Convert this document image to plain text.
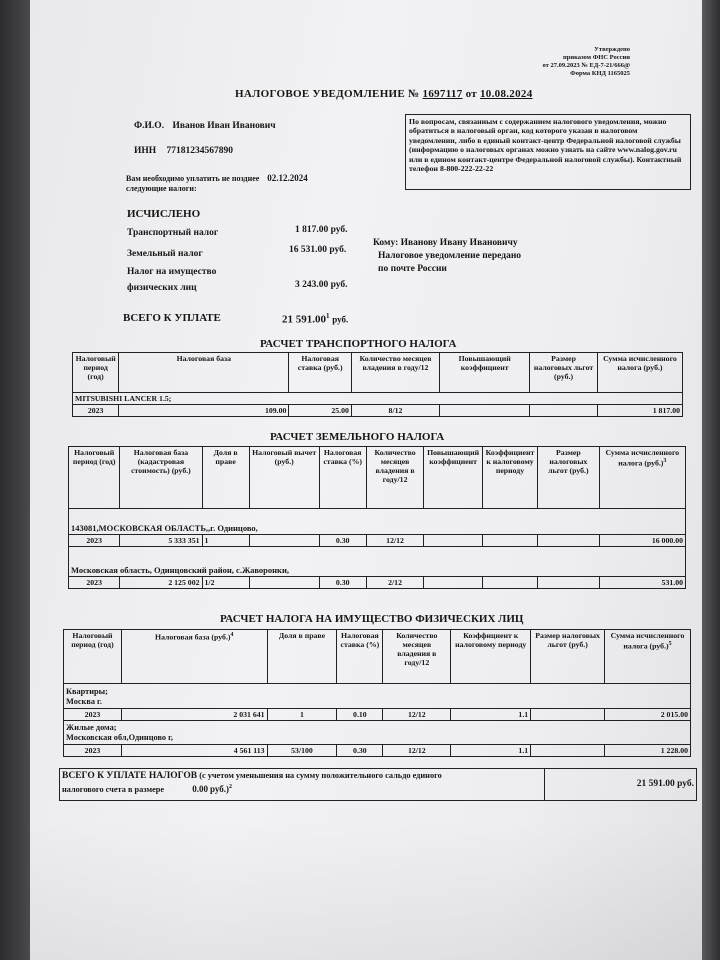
Утверждено
приказом ФНС России
от 27.09.2023 № ЕД-7-21/666@
Форма КНД 1165025
НАЛОГОВОЕ УВЕДОМЛЕНИЕ № 1697117 от 10.08.2024
Ф.И.О. Иванов Иван Иванович
ИНН 77181234567890
Вам необходимо уплатить не позднее 02.12.2024
следующие налоги:
По вопросам, связанным с содержанием налогового уведомления, можно обратиться в налоговый орган, код которого указан в налоговом уведомлении, либо в единый контакт-центр Федеральной налоговой службы (информацию о налоговых органах можно узнать на сайте www.nalog.gov.ru или в едином контакт-центре Федеральной налоговой службы). Контактный телефон 8-800-222-22-22
ИСЧИСЛЕНО
Транспортный налог	1 817.00 руб.
Земельный налог	16 531.00 руб.
Налог на имущество
физических лиц	3 243.00 руб.
Кому: Иванову Ивану Ивановичу
Налоговое уведомление передано
по почте России
ВСЕГО К УПЛАТЕ	21 591.00$^1$ руб.
РАСЧЕТ ТРАНСПОРТНОГО НАЛОГА
Налоговый период (год)	Налоговая база	Налоговая ставка (руб.)	Количество месяцев владения в году/12	Повышающий коэффициент	Размер налоговых льгот (руб.)	Сумма исчисленного налога (руб.)
MITSUBISHI LANCER 1.5;						
2023	109.00	25.00	8/12			1 817.00
РАСЧЕТ ЗЕМЕЛЬНОГО НАЛОГА
Налоговый период (год)	Налоговая база (кадастровая стоимость) (руб.)	Доля в праве	Налоговый вычет (руб.)	Налоговая ставка (%)	Количество месяцев владения в году/12	Повышающий коэффициент	Коэффициент к налоговому периоду	Размер налоговых льгот (руб.)	Сумма исчисленного налога $(руб.)^3$
143081,МОСКОВСКАЯ ОБЛАСТЬ,,г. Одинцово,									
2023	5 333 351	1		0.30	12/12				16 000.00
Московская область, Одинцовский район, с.Жаворонки,									
2023	2 125 002	1/2		0.30	2/12				531.00
РАСЧЕТ НАЛОГА НА ИМУЩЕСТВО ФИЗИЧЕСКИХ ЛИЦ
Налоговый период (год)	Налоговая база $(руб.)^4$	Доля в праве	Налоговая ставка (%)	Количество месяцев владения в году/12	Коэффициент к налоговому периоду	Размер налоговых льгот (руб.)	Сумма исчисленного налога $(руб.)^5$

Квартиры;
Москва г.							

2023	2 031 641	1	0.10	12/12	1.1		2 015.00

Жилые дома;
Московская обл,Одинцово г,							

2023	4 561 113	53/100	0.30	12/12	1.1		1 228.00
ВСЕГО К УПЛАТЕ НАЛОГОВ (с учетом уменьшения на сумму положительного сальдо единого
налогового счета в размере	0.00 руб.)$^2$	21 591.00 руб.
